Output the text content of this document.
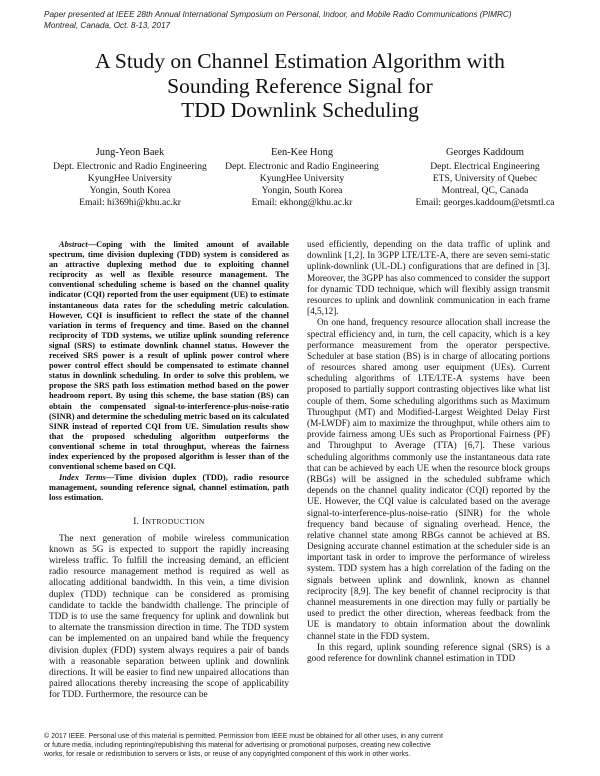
Paper presented at IEEE 28th Annual International Symposium on Personal, Indoor, and Mobile Radio Communications (PIMRC)
Montreal, Canada, Oct. 8-13, 2017
A Study on Channel Estimation Algorithm with
Sounding Reference Signal for
TDD Downlink Scheduling
Jung-Yeon Baek
Dept. Electronic and Radio Engineering
KyungHee University
Yongin, South Korea
Email: hi369hi@khu.ac.kr
Een-Kee Hong
Dept. Electronic and Radio Engineering
KyungHee University
Yongin, South Korea
Email: ekhong@khu.ac.kr
Georges Kaddoum
Dept. Electrical Engineering
ETS, University of Quebec
Montreal, QC, Canada
Email: georges.kaddoum@etsmtl.ca

Abstract—Coping with the limited amount of available spectrum, time division duplexing (TDD) system is considered as an attractive duplexing method due to exploiting channel reciprocity as well as flexible resource management. The conventional scheduling scheme is based on the channel quality indicator (CQI) reported from the user equipment (UE) to estimate instantaneous data rates for the scheduling metric calculation. However, CQI is insufficient to reflect the state of the channel variation in terms of frequency and time. Based on the channel reciprocity of TDD systems, we utilize uplink sounding reference signal (SRS) to estimate downlink channel status. However the received SRS power is a result of uplink power control where power control effect should be compensated to estimate channel status in downlink scheduling. In order to solve this problem, we propose the SRS path loss estimation method based on the power headroom report. By using this scheme, the base station (BS) can obtain the compensated signal-to-interference-plus-noise-ratio (SINR) and determine the scheduling metric based on its calculated SINR instead of reported CQI from UE. Simulation results show that the proposed scheduling algorithm outperforms the conventional scheme in total throughput, whereas the fairness index experienced by the proposed algorithm is lesser than of the conventional scheme based on CQI.

Index Terms—Time division duplex (TDD), radio resource management, sounding reference signal, channel estimation, path loss estimation.

I. INTRODUCTION

The next generation of mobile wireless communication known as 5G is expected to support the rapidly increasing wireless traffic. To fulfill the increasing demand, an efficient radio resource management method is required as well as allocating additional bandwidth. In this vein, a time division duplex (TDD) technique can be considered as promising candidate to tackle the bandwidth challenge. The principle of TDD is to use the same frequency for uplink and downlink but to alternate the transmission direction in time. The TDD system can be implemented on an unpaired band while the frequency division duplex (FDD) system always requires a pair of bands with a reasonable separation between uplink and downlink directions. It will be easier to find new unpaired allocations than paired allocations thereby increasing the scope of applicability for TDD. Furthermore, the resource can be

used efficiently, depending on the data traffic of uplink and downlink [1,2]. In 3GPP LTE/LTE-A, there are seven semi-static uplink-downlink (UL-DL) configurations that are defined in [3]. Moreover, the 3GPP has also commenced to consider the support for dynamic TDD technique, which will flexibly assign transmit resources to uplink and downlink communication in each frame [4,5,12].

On one hand, frequency resource allocation shall increase the spectral efficiency and, in turn, the cell capacity, which is a key performance measurement from the operator perspective. Scheduler at base station (BS) is in charge of allocating portions of resources shared among user equipment (UEs). Current scheduling algorithms of LTE/LTE-A systems have been proposed to partially support contrasting objectives like what list couple of them. Some scheduling algorithms such as Maximum Throughput (MT) and Modified-Largest Weighted Delay First (M-LWDF) aim to maximize the throughput, while others aim to provide fairness among UEs such as Proportional Fairness (PF) and Throughput to Average (TTA) [6,7]. These various scheduling algorithms commonly use the instantaneous data rate that can be achieved by each UE when the resource block groups (RBGs) will be assigned in the scheduled subframe which depends on the channel quality indicator (CQI) reported by the UE. However, the CQI value is calculated based on the average signal-to-interference-plus-noise-ratio (SINR) for the whole frequency band because of signaling overhead. Hence, the relative channel state among RBGs cannot be achieved at BS. Designing accurate channel estimation at the scheduler side is an important task in order to improve the performance of wireless system. TDD system has a high correlation of the fading on the signals between uplink and downlink, known as channel reciprocity [8,9]. The key benefit of channel reciprocity is that channel measurements in one direction may fully or partially be used to predict the other direction, whereas feedback from the UE is mandatory to obtain information about the downlink channel state in the FDD system.

In this regard, uplink sounding reference signal (SRS) is a good reference for downlink channel estimation in TDD

© 2017 IEEE. Personal use of this material is permitted. Permission from IEEE must be obtained for all other uses, in any current
or future media, including reprinting/republishing this material for advertising or promotional purposes, creating new collective
works, for resale or redistribution to servers or lists, or reuse of any copyrighted component of this work in other works.
